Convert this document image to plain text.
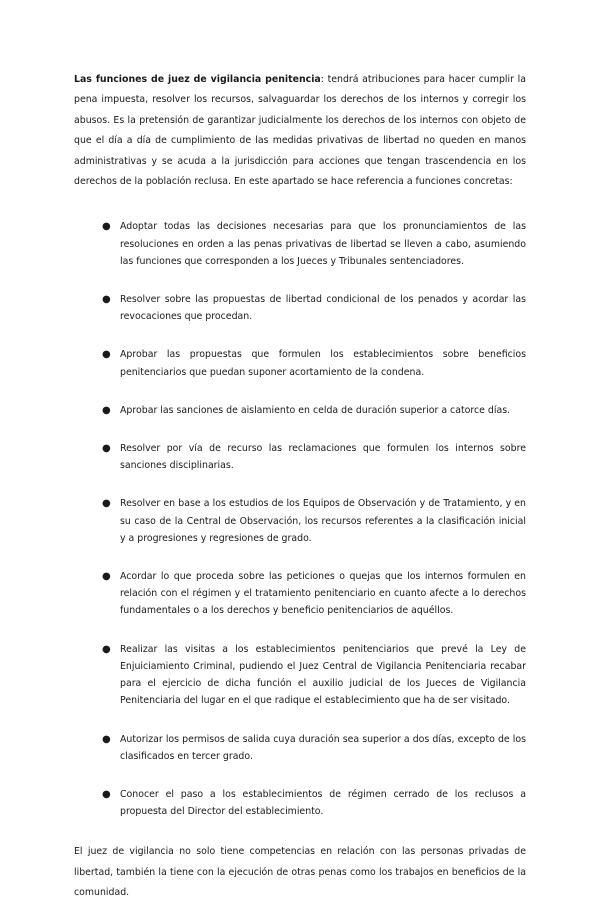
Las funciones de juez de vigilancia penitencia: tendrá atribuciones para hacer cumplir la pena impuesta, resolver los recursos, salvaguardar los derechos de los internos y corregir los abusos. Es la pretensión de garantizar judicialmente los derechos de los internos con objeto de que el día a día de cumplimiento de las medidas privativas de libertad no queden en manos administrativas y se acuda a la jurisdicción para acciones que tengan trascendencia en los derechos de la población reclusa. En este apartado se hace referencia a funciones concretas:

● Adoptar todas las decisiones necesarias para que los pronunciamientos de las resoluciones en orden a las penas privativas de libertad se lleven a cabo, asumiendo las funciones que corresponden a los Jueces y Tribunales sentenciadores.
● Resolver sobre las propuestas de libertad condicional de los penados y acordar las revocaciones que procedan.
● Aprobar las propuestas que formulen los establecimientos sobre beneficios penitenciarios que puedan suponer acortamiento de la condena.
● Aprobar las sanciones de aislamiento en celda de duración superior a catorce días.
● Resolver por vía de recurso las reclamaciones que formulen los internos sobre sanciones disciplinarias.
● Resolver en base a los estudios de los Equipos de Observación y de Tratamiento, y en su caso de la Central de Observación, los recursos referentes a la clasificación inicial y a progresiones y regresiones de grado.
● Acordar lo que proceda sobre las peticiones o quejas que los internos formulen en relación con el régimen y el tratamiento penitenciario en cuanto afecte a lo derechos fundamentales o a los derechos y beneficio penitenciarios de aquéllos.
● Realizar las visitas a los establecimientos penitenciarios que prevé la Ley de Enjuiciamiento Criminal, pudiendo el Juez Central de Vigilancia Penitenciaria recabar para el ejercicio de dicha función el auxilio judicial de los Jueces de Vigilancia Penitenciaria del lugar en el que radique el establecimiento que ha de ser visitado.
● Autorizar los permisos de salida cuya duración sea superior a dos días, excepto de los clasificados en tercer grado.
● Conocer el paso a los establecimientos de régimen cerrado de los reclusos a propuesta del Director del establecimiento.

El juez de vigilancia no solo tiene competencias en relación con las personas privadas de libertad, también la tiene con la ejecución de otras penas como los trabajos en beneficios de la comunidad.
